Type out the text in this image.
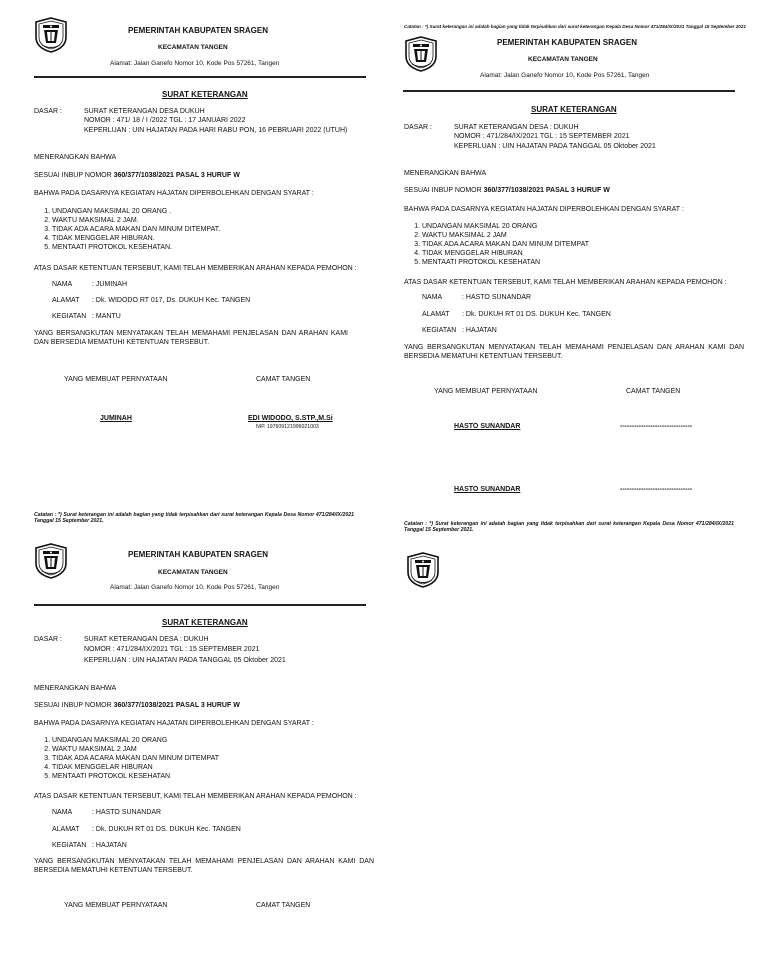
PEMERINTAH KABUPATEN SRAGEN
KECAMATAN TANGEN
Alamat: Jalan Ganefo Nomor 10, Kode Pos 57261, Tangen
SURAT KETERANGAN
DASAR :	SURAT KETERANGAN DESA DUKUH
NOMOR : 471/ 18 / I /2022 TGL : 17 JANUARI 2022
KEPERLUAN : UIN HAJATAN PADA HARI RABU PON, 16 PEBRUARI 2022 (UTUH)
MENERANGKAN BAHWA
SESUAI INBUP NOMOR 360/377/1038/2021 PASAL 3 HURUF W
BAHWA PADA DASARNYA KEGIATAN HAJATAN DIPERBOLEHKAN DENGAN SYARAT :
1. UNDANGAN MAKSIMAL 20 ORANG .
2. WAKTU MAKSIMAL 2 JAM.
3. TIDAK ADA ACARA MAKAN DAN MINUM DITEMPAT.
4. TIDAK MENGGELAR HIBURAN.
5. MENTAATI PROTOKOL KESEHATAN.
ATAS DASAR KETENTUAN TERSEBUT, KAMI TELAH MEMBERIKAN ARAHAN KEPADA PEMOHON :
NAMA	: JUMINAH
ALAMAT : Dk. WIDODO RT 017, Ds. DUKUH Kec. TANGEN
KEGIATAN : MANTU
YANG BERSANGKUTAN MENYATAKAN TELAH MEMAHAMI PENJELASAN DAN ARAHAN KAMI DAN BERSEDIA MEMATUHI KETENTUAN TERSEBUT.
YANG MEMBUAT PERNYATAAN	CAMAT TANGEN
JUMINAH	EDI WIDODO, S.STP.,M.Si
NIP. 197609121996021003
Catatan : *) Surat keterangan ini adalah bagian yang tidak terpisahkan dari surat keterangan Kepala Desa Nomor 471/284/IX/2021 Tanggal 15 September 2021
PEMERINTAH KABUPATEN SRAGEN
KECAMATAN TANGEN
Alamat: Jalan Ganefo Nomor 10, Kode Pos 57261, Tangen
SURAT KETERANGAN
DASAR :	SURAT KETERANGAN DESA : DUKUH
NOMOR : 471/284/IX/2021 TGL : 15 SEPTEMBER 2021
KEPERLUAN : UIN HAJATAN PADA TANGGAL 05 Oktober 2021
MENERANGKAN BAHWA
SESUAI INBUP NOMOR 360/377/1038/2021 PASAL 3 HURUF W
BAHWA PADA DASARNYA KEGIATAN HAJATAN DIPERBOLEHKAN DENGAN SYARAT :
1. UNDANGAN MAKSIMAL 20 ORANG
2. WAKTU MAKSIMAL 2 JAM
3. TIDAK ADA ACARA MAKAN DAN MINUM DITEMPAT
4. TIDAK MENGGELAR HIBURAN
5. MENTAATI PROTOKOL KESEHATAN
ATAS DASAR KETENTUAN TERSEBUT, KAMI TELAH MEMBERIKAN ARAHAN KEPADA PEMOHON :
NAMA	: HASTO SUNANDAR
ALAMAT : Dk. DUKUH RT 01 DS. DUKUH Kec. TANGEN
KEGIATAN : HAJATAN
YANG BERSANGKUTAN MENYATAKAN TELAH MEMAHAMI PENJELASAN DAN ARAHAN KAMI DAN BERSEDIA MEMATUHI KETENTUAN TERSEBUT.
YANG MEMBUAT PERNYATAAN	CAMAT TANGEN
HASTO SUNANDAR	-------------------------------
Catatan : *) Surat keterangan ini adalah bagian yang tidak terpisahkan dari surat keterangan Kepala Desa Nomor 471/284/IX/2021 Tanggal 15 September 2021.
PEMERINTAH KABUPATEN SRAGEN
KECAMATAN TANGEN
Alamat: Jalan Ganefo Nomor 10, Kode Pos 57261, Tangen
SURAT KETERANGAN
DASAR :	SURAT KETERANGAN DESA : DUKUH
NOMOR : 471/284/IX/2021 TGL : 15 SEPTEMBER 2021
KEPERLUAN : UIN HAJATAN PADA TANGGAL 05 Oktober 2021
MENERANGKAN BAHWA
SESUAI INBUP NOMOR 360/377/1038/2021 PASAL 3 HURUF W
BAHWA PADA DASARNYA KEGIATAN HAJATAN DIPERBOLEHKAN DENGAN SYARAT :
1. UNDANGAN MAKSIMAL 20 ORANG
2. WAKTU MAKSIMAL 2 JAM
3. TIDAK ADA ACARA MAKAN DAN MINUM DITEMPAT
4. TIDAK MENGGELAR HIBURAN
5. MENTAATI PROTOKOL KESEHATAN
ATAS DASAR KETENTUAN TERSEBUT, KAMI TELAH MEMBERIKAN ARAHAN KEPADA PEMOHON :
NAMA	: HASTO SUNANDAR
ALAMAT : Dk. DUKUH RT 01 DS. DUKUH Kec. TANGEN
KEGIATAN : HAJATAN
YANG BERSANGKUTAN MENYATAKAN TELAH MEMAHAMI PENJELASAN DAN ARAHAN KAMI DAN BERSEDIA MEMATUHI KETENTUAN TERSEBUT.
YANG MEMBUAT PERNYATAAN	CAMAT TANGEN
HASTO SUNANDAR	-------------------------------
Catatan : *) Surat keterangan ini adalah bagian yang tidak terpisahkan dari surat keterangan Kepala Desa Nomor 471/284/IX/2021 Tanggal 15 September 2021.
